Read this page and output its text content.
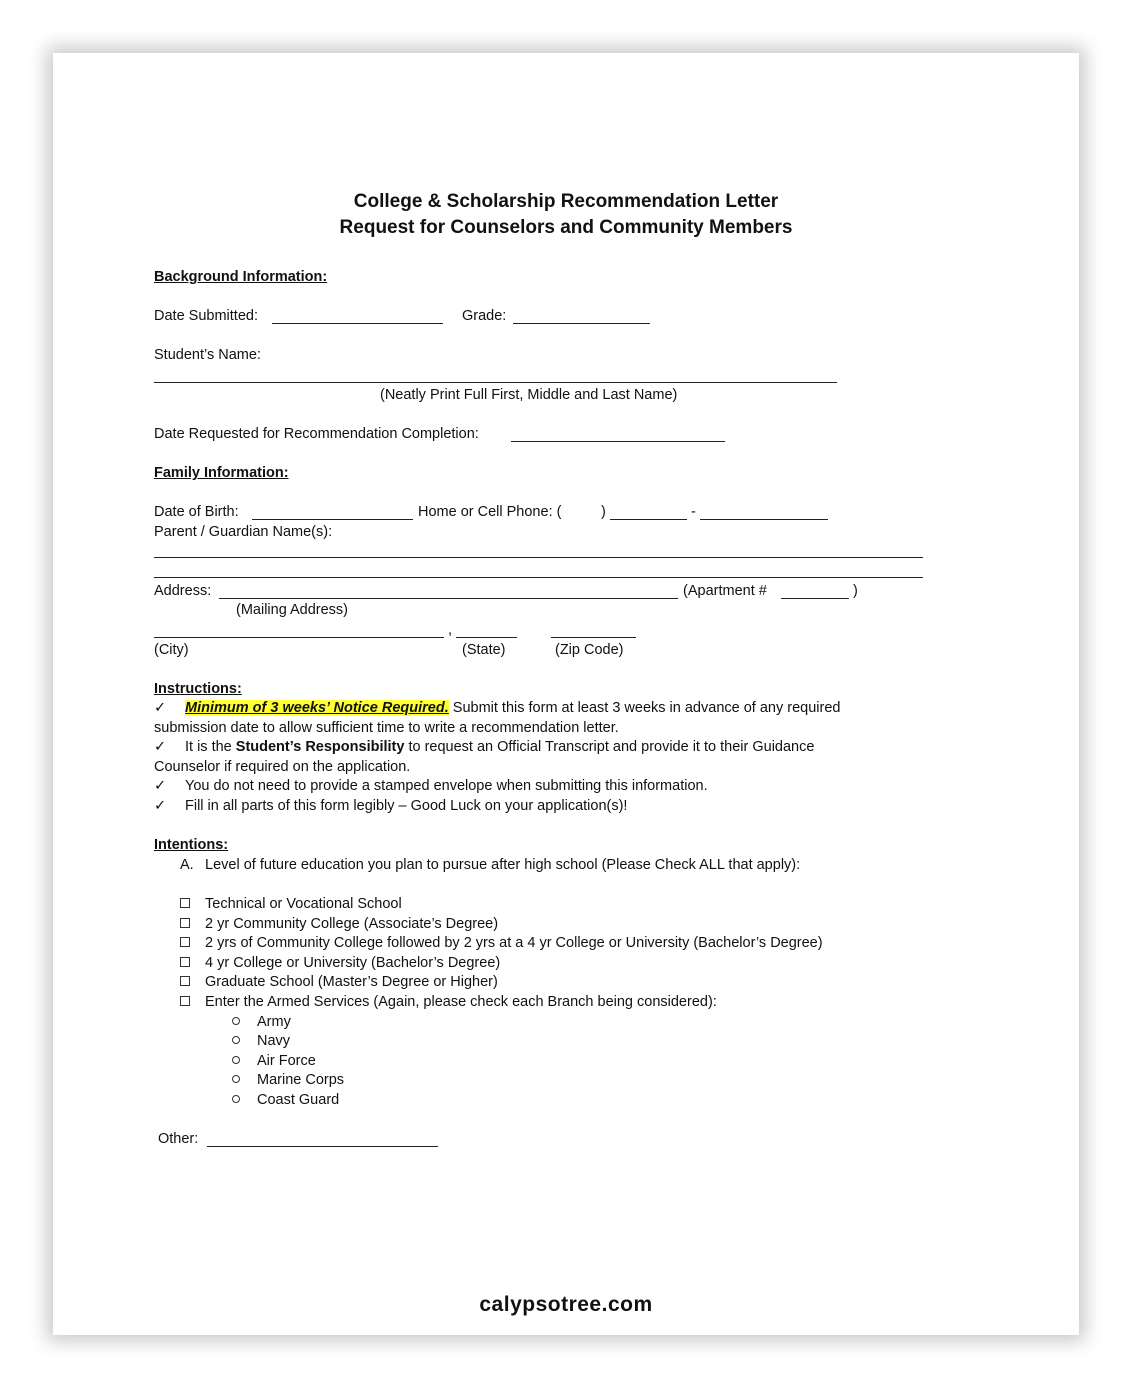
College & Scholarship Recommendation Letter
Request for Counselors and Community Members
Background Information:
Date Submitted:	Grade:
Student’s Name:
(Neatly Print Full First, Middle and Last Name)
Date Requested for Recommendation Completion:
Family Information:
Date of Birth:	Home or Cell Phone: (	)	-
Parent / Guardian Name(s):
Address:	(Apartment #	)
(Mailing Address)
,
(City)	(State)	(Zip Code)
Instructions:
✓ Minimum of 3 weeks’ Notice Required. Submit this form at least 3 weeks in advance of any required
submission date to allow sufficient time to write a recommendation letter.
✓ It is the Student’s Responsibility to request an Official Transcript and provide it to their Guidance
Counselor if required on the application.
✓ You do not need to provide a stamped envelope when submitting this information.
✓ Fill in all parts of this form legibly – Good Luck on your application(s)!
Intentions:
A. Level of future education you plan to pursue after high school (Please Check ALL that apply):
Technical or Vocational School
2 yr Community College (Associate’s Degree)
2 yrs of Community College followed by 2 yrs at a 4 yr College or University (Bachelor’s Degree)
4 yr College or University (Bachelor’s Degree)
Graduate School (Master’s Degree or Higher)
Enter the Armed Services (Again, please check each Branch being considered):
Army
Navy
Air Force
Marine Corps
Coast Guard
Other:
calypsotree.com
